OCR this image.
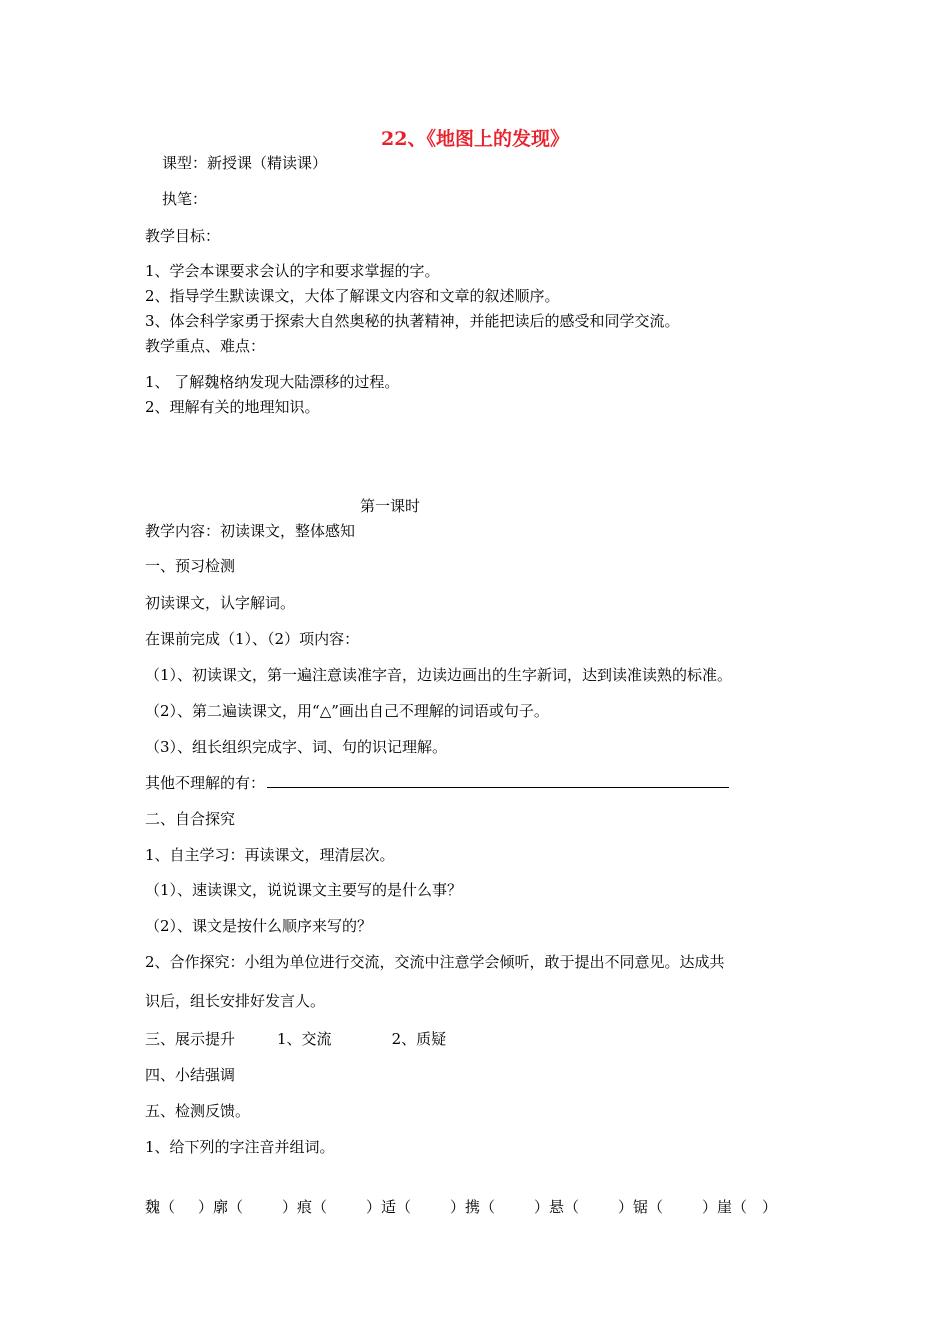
22、《地图上的发现》
课型：新授课（精读课）
执笔：
教学目标：
1、学会本课要求会认的字和要求掌握的字。
2、指导学生默读课文，大体了解课文内容和文章的叙述顺序。
3、体会科学家勇于探索大自然奥秘的执著精神，并能把读后的感受和同学交流。
教学重点、难点：
1、 了解魏格纳发现大陆漂移的过程。
2、理解有关的地理知识。
第一课时
教学内容：初读课文，整体感知
一、预习检测
初读课文，认字解词。
在课前完成（1）、（2）项内容：
（1）、初读课文，第一遍注意读准字音，边读边画出的生字新词，达到读准读熟的标准。
（2）、第二遍读课文，用“△”画出自己不理解的词语或句子。
（3）、组长组织完成字、词、句的识记理解。
其他不理解的有：
二、自合探究
1、自主学习：再读课文，理清层次。
（1）、速读课文，说说课文主要写的是什么事？
（2）、课文是按什么顺序来写的？
2、合作探究：小组为单位进行交流，交流中注意学会倾听，敢于提出不同意见。达成共
识后，组长安排好发言人。
三、展示提升	1、交流	2、质疑
四、小结强调
五、检测反馈。
1、给下列的字注音并组词。
魏（ ）廓（	）痕（	）适（	）携（	）悬（	）锯（	）崖（ ）
